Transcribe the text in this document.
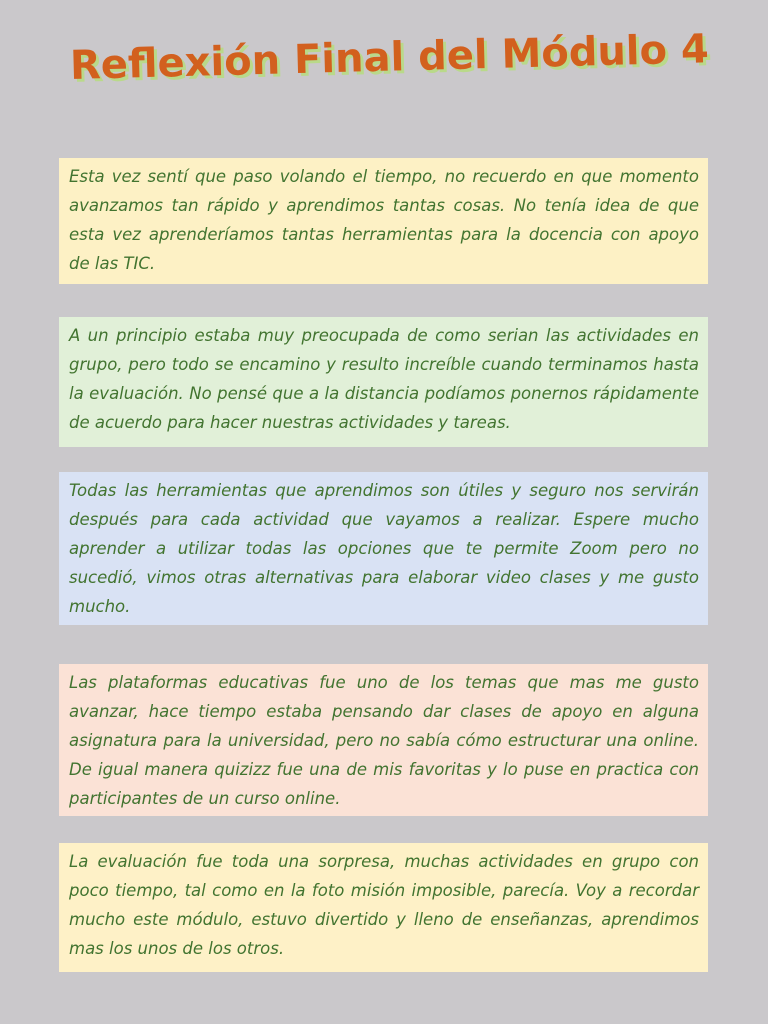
Reflexión Final del Módulo 4

Esta vez sentí que paso volando el tiempo, no recuerdo en que momento avanzamos tan rápido y aprendimos tantas cosas. No tenía idea de que esta vez aprenderíamos tantas herramientas para la docencia con apoyo de las TIC.

A un principio estaba muy preocupada de como serian las actividades en grupo, pero todo se encamino y resulto increíble cuando terminamos hasta la evaluación. No pensé que a la distancia podíamos ponernos rápidamente de acuerdo para hacer nuestras actividades y tareas.

Todas las herramientas que aprendimos son útiles y seguro nos servirán después para cada actividad que vayamos a realizar. Espere mucho aprender a utilizar todas las opciones que te permite Zoom pero no sucedió, vimos otras alternativas para elaborar video clases y me gusto mucho.

Las plataformas educativas fue uno de los temas que mas me gusto avanzar, hace tiempo estaba pensando dar clases de apoyo en alguna asignatura para la universidad, pero no sabía cómo estructurar una online. De igual manera quizizz fue una de mis favoritas y lo puse en practica con participantes de un curso online.

La evaluación fue toda una sorpresa, muchas actividades en grupo con poco tiempo, tal como en la foto misión imposible, parecía. Voy a recordar mucho este módulo, estuvo divertido y lleno de enseñanzas, aprendimos mas los unos de los otros.
